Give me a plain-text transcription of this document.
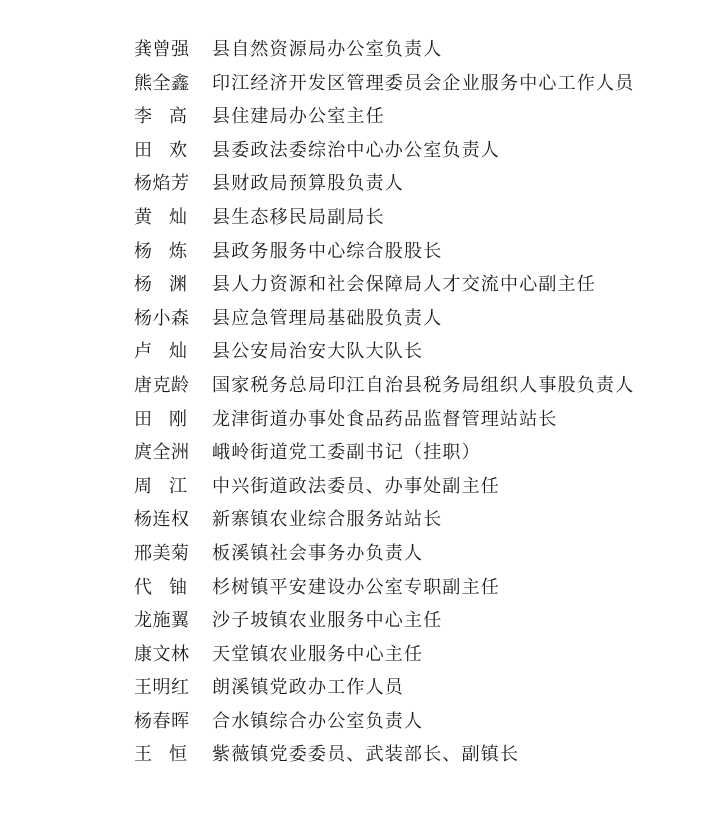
龚曾强	县自然资源局办公室负责人
熊全鑫	印江经济开发区管理委员会企业服务中心工作人员
李高 县住建局办公室主任
田欢 县委政法委综治中心办公室负责人
杨焰芳	县财政局预算股负责人
黄灿 县生态移民局副局长
杨炼 县政务服务中心综合股股长
杨渊 县人力资源和社会保障局人才交流中心副主任
杨小森	县应急管理局基础股负责人
卢灿 县公安局治安大队大队长
唐克龄	国家税务总局印江自治县税务局组织人事股负责人
田刚 龙津街道办事处食品药品监督管理站站长
庹全洲	峨岭街道党工委副书记（挂职）
周江 中兴街道政法委员、办事处副主任
杨连权	新寨镇农业综合服务站站长
邢美菊	板溪镇社会事务办负责人
代铀 杉树镇平安建设办公室专职副主任
龙施翼	沙子坡镇农业服务中心主任
康文林	天堂镇农业服务中心主任
王明红	朗溪镇党政办工作人员
杨春晖	合水镇综合办公室负责人
王恒 紫薇镇党委委员、武装部长、副镇长
